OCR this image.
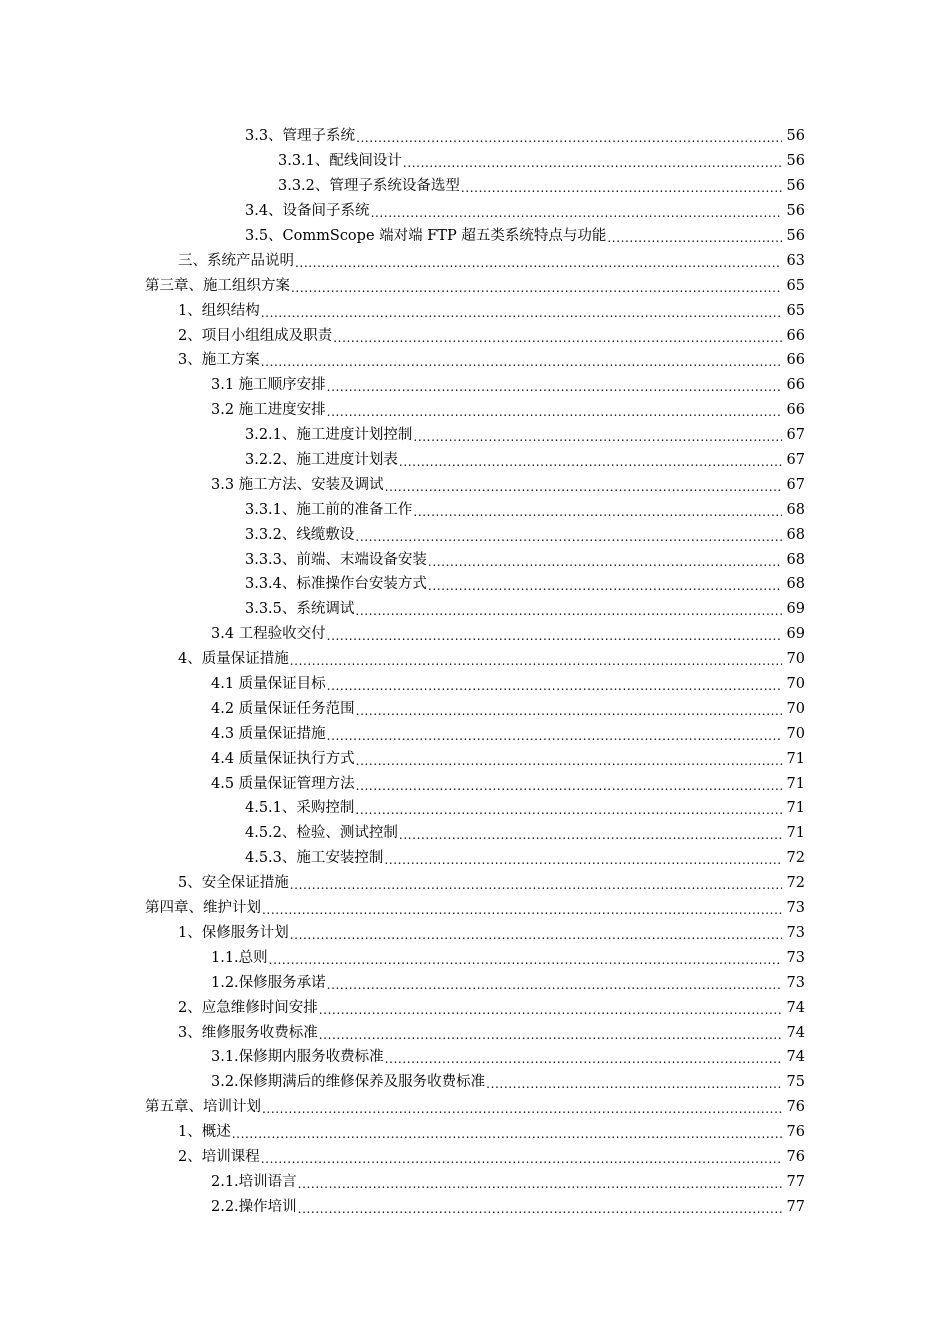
3.3、管理子系统 .....	56
3.3.1、配线间设计 .....	56
3.3.2、管理子系统设备选型 .....	56
3.4、设备间子系统 .....	56
3.5、CommScope 端对端 FTP 超五类系统特点与功能 .....	56
三、系统产品说明 .....	63
第三章、施工组织方案 .....	65
1、组织结构 .....	65
2、项目小组组成及职责 .....	66
3、施工方案 .....	66
3.1 施工顺序安排 .....	66
3.2 施工进度安排 .....	66
3.2.1、施工进度计划控制 .....	67
3.2.2、施工进度计划表 .....	67
3.3 施工方法、安装及调试 .....	67
3.3.1、施工前的准备工作 .....	68
3.3.2、线缆敷设 .....	68
3.3.3、前端、末端设备安装 .....	68
3.3.4、标准操作台安装方式 .....	68
3.3.5、系统调试 .....	69
3.4 工程验收交付 .....	69
4、质量保证措施 .....	70
4.1 质量保证目标 .....	70
4.2 质量保证任务范围 .....	70
4.3 质量保证措施 .....	70
4.4 质量保证执行方式 .....	71
4.5 质量保证管理方法 .....	71
4.5.1、采购控制 .....	71
4.5.2、检验、测试控制 .....	71
4.5.3、施工安装控制 .....	72
5、安全保证措施 .....	72
第四章、维护计划 .....	73
1、保修服务计划 .....	73
1.1.总则 .....	73
1.2.保修服务承诺 .....	73
2、应急维修时间安排 .....	74
3、维修服务收费标准 .....	74
3.1.保修期内服务收费标准 .....	74
3.2.保修期满后的维修保养及服务收费标准 .....	75
第五章、培训计划 .....	76
1、概述 .....	76
2、培训课程 .....	76
2.1.培训语言 .....	77
2.2.操作培训 .....	77
